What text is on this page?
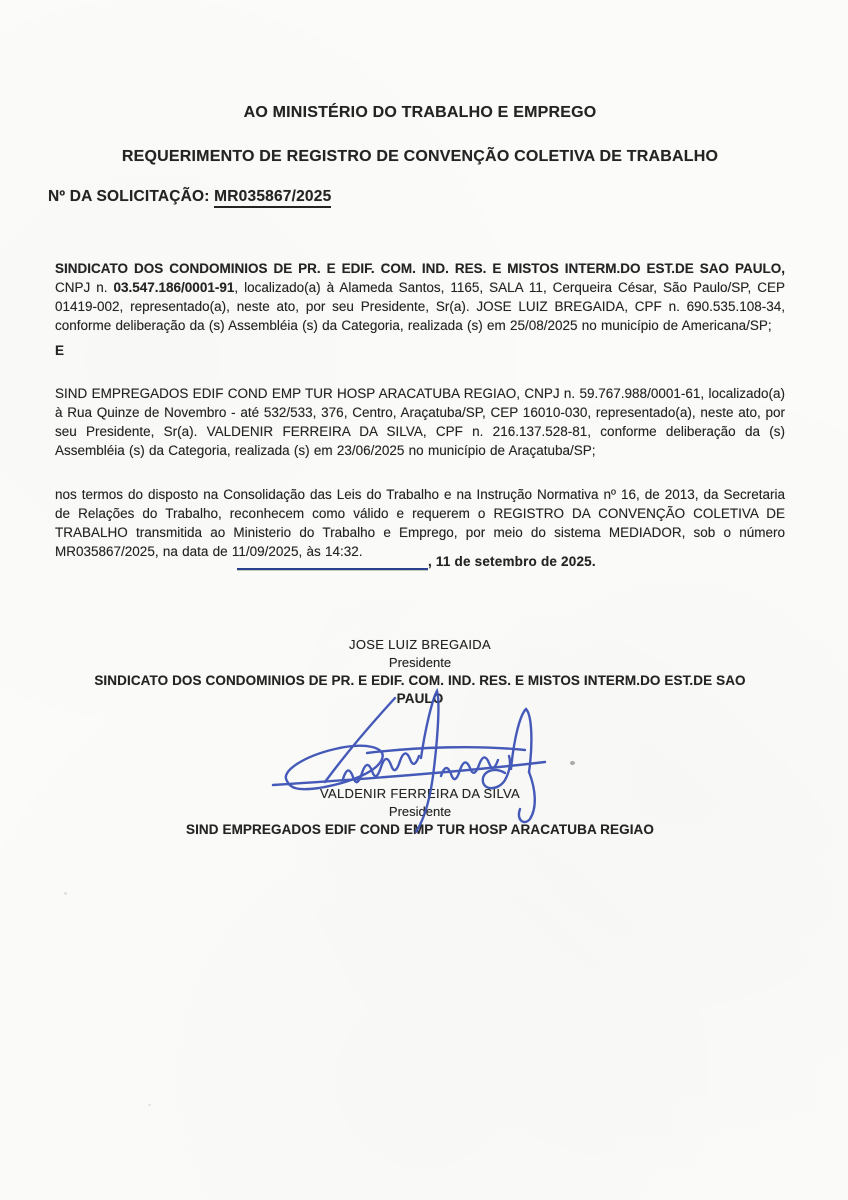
AO MINISTÉRIO DO TRABALHO E EMPREGO
REQUERIMENTO DE REGISTRO DE CONVENÇÃO COLETIVA DE TRABALHO
Nº DA SOLICITAÇÃO: MR035867/2025

SINDICATO DOS CONDOMINIOS DE PR. E EDIF. COM. IND. RES. E MISTOS INTERM.DO EST.DE SAO PAULO, CNPJ n. 03.547.186/0001-91, localizado(a) à Alameda Santos, 1165, SALA 11, Cerqueira César, São Paulo/SP, CEP 01419-002, representado(a), neste ato, por seu Presidente, Sr(a). JOSE LUIZ BREGAIDA, CPF n. 690.535.108-34, conforme deliberação da (s) Assembléia (s) da Categoria, realizada (s) em 25/08/2025 no município de Americana/SP;

E

SIND EMPREGADOS EDIF COND EMP TUR HOSP ARACATUBA REGIAO, CNPJ n. 59.767.988/0001-61, localizado(a) à Rua Quinze de Novembro - até 532/533, 376, Centro, Araçatuba/SP, CEP 16010-030, representado(a), neste ato, por seu Presidente, Sr(a). VALDENIR FERREIRA DA SILVA, CPF n. 216.137.528-81, conforme deliberação da (s) Assembléia (s) da Categoria, realizada (s) em 23/06/2025 no município de Araçatuba/SP;

nos termos do disposto na Consolidação das Leis do Trabalho e na Instrução Normativa nº 16, de 2013, da Secretaria de Relações do Trabalho, reconhecem como válido e requerem o REGISTRO DA CONVENÇÃO COLETIVA DE TRABALHO transmitida ao Ministerio do Trabalho e Emprego, por meio do sistema MEDIADOR, sob o número MR035867/2025, na data de 11/09/2025, às 14:32.

, 11 de setembro de 2025.
JOSE LUIZ BREGAIDA
Presidente
SINDICATO DOS CONDOMINIOS DE PR. E EDIF. COM. IND. RES. E MISTOS INTERM.DO EST.DE SAO PAULO
VALDENIR FERREIRA DA SILVA
Presidente
SIND EMPREGADOS EDIF COND EMP TUR HOSP ARACATUBA REGIAO
